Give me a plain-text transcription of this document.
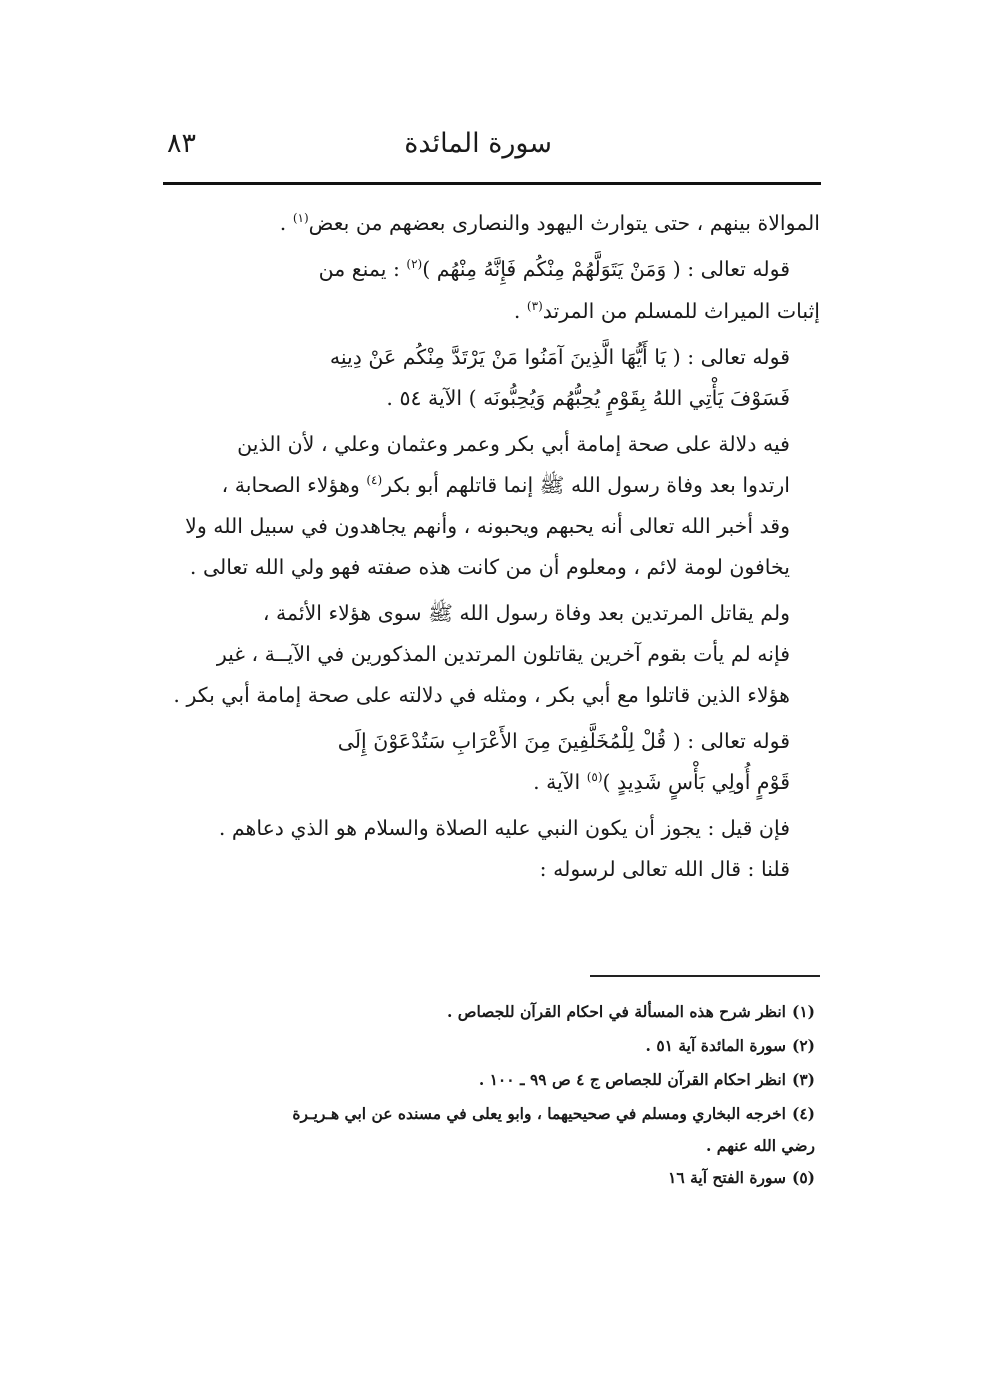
سورة المائدة
٨٣

الموالاة بينهم ، حتى يتوارث اليهود والنصارى بعضهم من بعض$^{(١)}$ .

قوله تعالى : ( وَمَنْ يَتَوَلَّهُمْ مِنْكُم فَإِنَّهُ مِنْهُم )$^{(٢)}$ : يمنع من

إثبات الميراث للمسلم من المرتد$^{(٣)}$ .

قوله تعالى : ( يَا أَيُّهَا الَّذِينَ آمَنُوا مَنْ يَرْتَدَّ مِنْكُم عَنْ دِينِه
فَسَوْفَ يَأْتِي اللهُ بِقَوْمٍ يُحِبُّهُم وَيُحِبُّونَه ) الآية ٥٤ .

فيه دلالة على صحة إمامة أبي بكر وعمر وعثمان وعلي ، لأن الذين
ارتدوا بعد وفاة رسول الله ﷺ إنما قاتلهم أبو بكر$^{(٤)}$ وهؤلاء الصحابة ،
وقد أخبر الله تعالى أنه يحبهم ويحبونه ، وأنهم يجاهدون في سبيل الله ولا
يخافون لومة لائم ، ومعلوم أن من كانت هذه صفته فهو ولي الله تعالى .

ولم يقاتل المرتدين بعد وفاة رسول الله ﷺ سوى هؤلاء الأئمة ،
فإنه لم يأت بقوم آخرين يقاتلون المرتدين المذكورين في الآيــة ، غير
هؤلاء الذين قاتلوا مع أبي بكر ، ومثله في دلالته على صحة إمامة أبي بكر .

قوله تعالى : ( قُلْ لِلْمُخَلَّفِينَ مِنَ الأَعْرَابِ سَتُدْعَوْنَ إِلَى
قَوْمٍ أُولِي بَأْسٍ شَدِيدٍ )$^{(٥)}$ الآية .

فإن قيل : يجوز أن يكون النبي عليه الصلاة والسلام هو الذي دعاهم .
قلنا : قال الله تعالى لرسوله :

(١)انظر شرح هذه المسألة في احكام القرآن للجصاص .
(٢)سورة المائدة آية ٥١ .
(٣)انظر احكام القرآن للجصاص ج ٤ ص ٩٩ ـ ١٠٠ .
(٤)اخرجه البخاري ومسلم في صحيحيهما ، وابو يعلى في مسنده عن ابي هـريـرة
رضي الله عنهم .
(٥)سورة الفتح آية ١٦
